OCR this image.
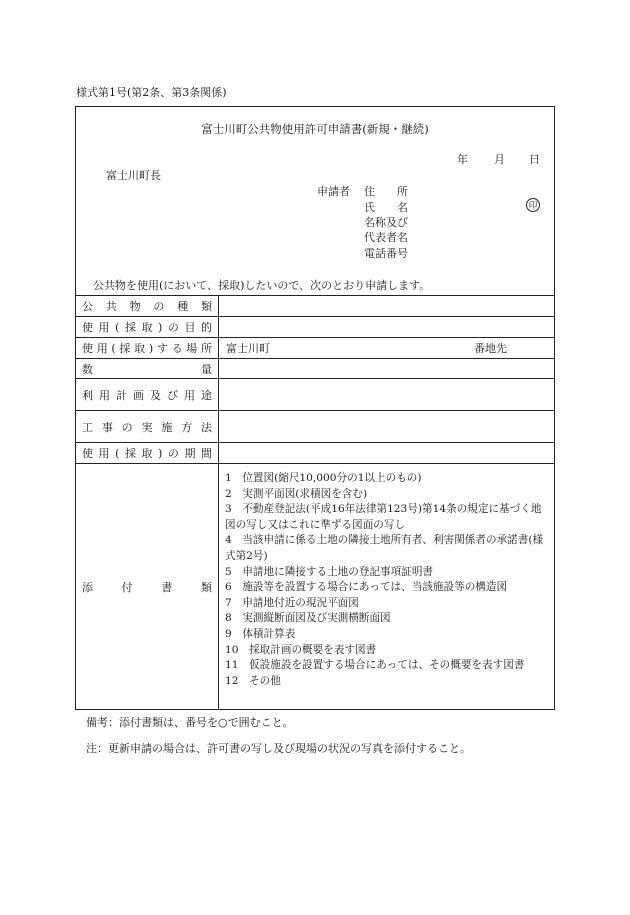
様式第1号(第2条、第3条関係)
富士川町公共物使用許可申請書(新規・継続)
年 月 日
富士川町長
申請者 住　　所
氏　　名	印
名称及び
代表者名
電話番号
公共物を使用(において、採取)したいので、次のとおり申請します。
公共物の種類
使用(採取)の目的
使用(採取)する場所 富士川町	番地先
数量
利用計画及び用途
工事の実施方法
使用(採取)の期間
添付書類
1　位置図(縮尺10,000分の1以上のもの)
2　実測平面図(求積図を含む)
3　不動産登記法(平成16年法律第123号)第14条の規定に基づく地図の写し又はこれに準ずる図面の写し
4　当該申請に係る土地の隣接土地所有者、利害関係者の承諾書(様式第2号)
5　申請地に隣接する土地の登記事項証明書
6　施設等を設置する場合にあっては、当該施設等の構造図
7　申請地付近の現況平面図
8　実測縦断面図及び実測横断面図
9　体積計算表
10　採取計画の概要を表す図書
11　仮設施設を設置する場合にあっては、その概要を表す図書
12　その他
備考：添付書類は、番号を○で囲むこと。
注：更新申請の場合は、許可書の写し及び現場の状況の写真を添付すること。
